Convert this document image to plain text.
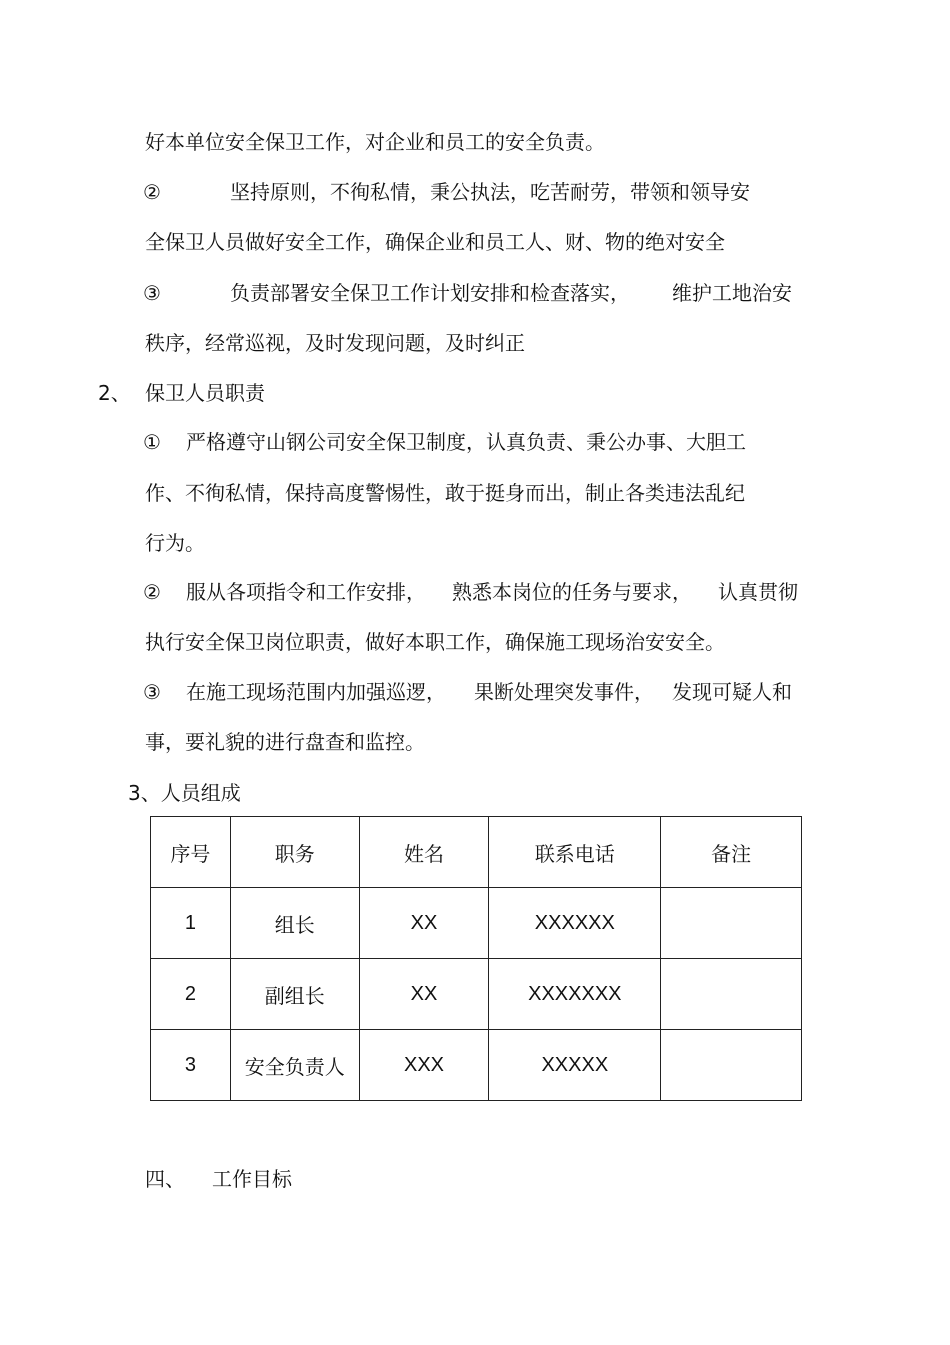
好本单位安全保卫工作，对企业和员工的安全负责。
②	坚持原则，不徇私情，秉公执法，吃苦耐劳，带领和领导安
全保卫人员做好安全工作，确保企业和员工人、财、物的绝对安全
③	负责部署安全保卫工作计划安排和检查落实， 维护工地治安
秩序，经常巡视，及时发现问题，及时纠正
2、 保卫人员职责
① 严格遵守山钢公司安全保卫制度，认真负责、秉公办事、大胆工
作、不徇私情，保持高度警惕性，敢于挺身而出，制止各类违法乱纪
行为。
② 服从各项指令和工作安排， 熟悉本岗位的任务与要求， 认真贯彻
执行安全保卫岗位职责，做好本职工作，确保施工现场治安安全。
③ 在施工现场范围内加强巡逻， 果断处理突发事件， 发现可疑人和
事，要礼貌的进行盘查和监控。
3、人员组成
序号	职务	姓名	联系电话	备注
1	组长	XX	XXXXXX	
2	副组长	XX	XXXXXXX	
3	安全负责人	XXX	XXXXX	
四、 工作目标
